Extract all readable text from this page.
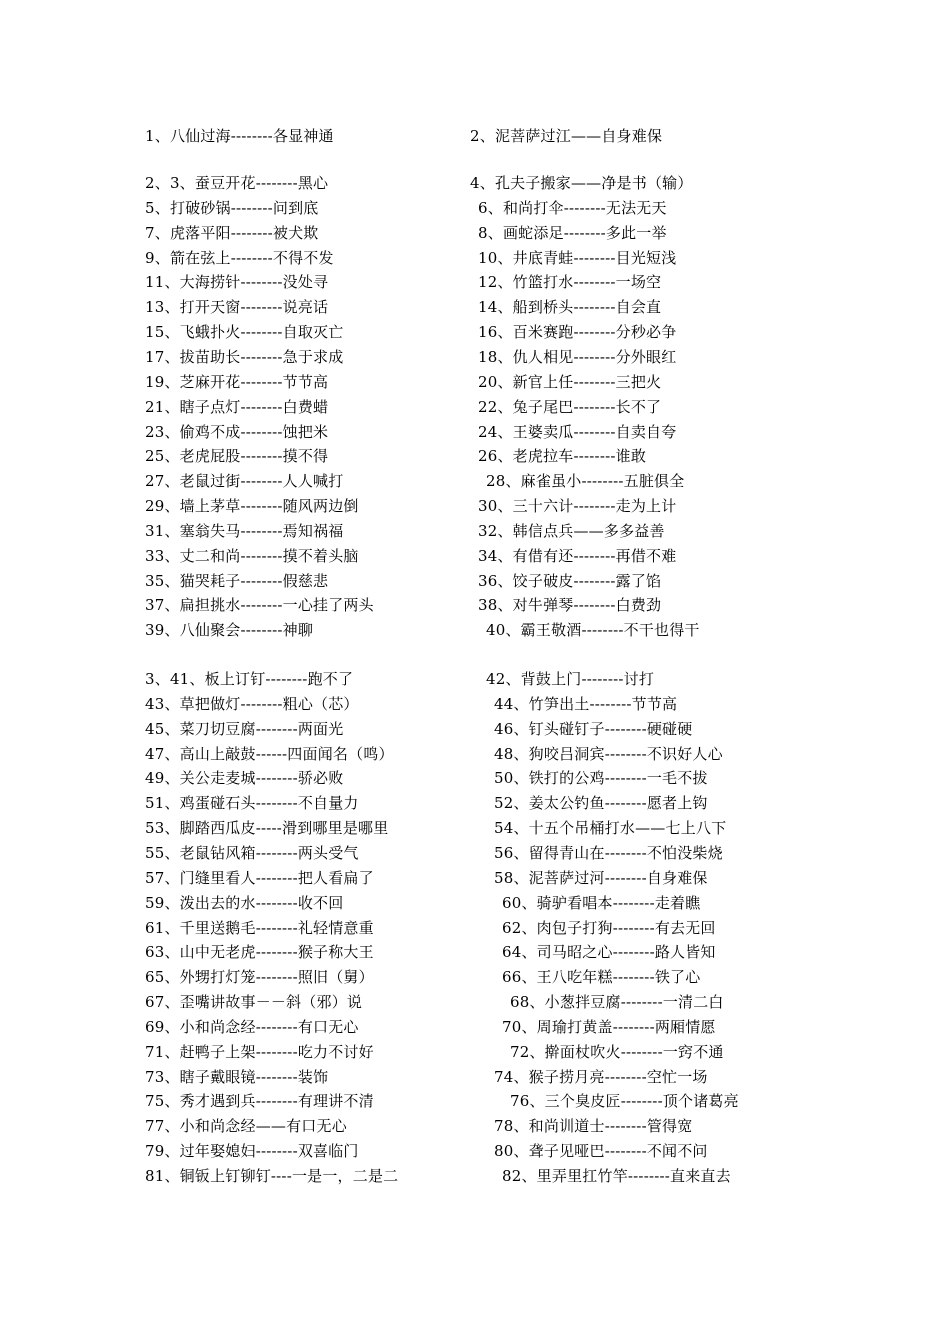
1、八仙过海--------各显神通
2、3、蚕豆开花--------黑心
5、打破砂锅--------问到底
7、虎落平阳--------被犬欺
9、箭在弦上--------不得不发
11、大海捞针--------没处寻
13、打开天窗--------说亮话
15、飞蛾扑火--------自取灭亡
17、拔苗助长--------急于求成
19、芝麻开花--------节节高
21、瞎子点灯--------白费蜡
23、偷鸡不成--------蚀把米
25、老虎屁股--------摸不得
27、老鼠过街--------人人喊打
29、墙上茅草--------随风两边倒
31、塞翁失马--------焉知祸福
33、丈二和尚--------摸不着头脑
35、猫哭耗子--------假慈悲
37、扁担挑水--------一心挂了两头
39、八仙聚会--------神聊
3、41、板上订钉--------跑不了
43、草把做灯--------粗心（芯）
45、菜刀切豆腐--------两面光
47、高山上敲鼓------四面闻名（鸣）
49、关公走麦城--------骄必败
51、鸡蛋碰石头--------不自量力
53、脚踏西瓜皮-----滑到哪里是哪里
55、老鼠钻风箱--------两头受气
57、门缝里看人--------把人看扁了
59、泼出去的水--------收不回
61、千里送鹅毛--------礼轻情意重
63、山中无老虎--------猴子称大王
65、外甥打灯笼--------照旧（舅）
67、歪嘴讲故事－－斜（邪）说
69、小和尚念经--------有口无心
71、赶鸭子上架--------吃力不讨好
73、瞎子戴眼镜--------装饰
75、秀才遇到兵--------有理讲不清
77、小和尚念经——有口无心
79、过年娶媳妇--------双喜临门
81、铜钣上钉铆钉----一是一，二是二
2、泥菩萨过江——自身难保
4、孔夫子搬家——净是书（输）
6、和尚打伞--------无法无天
8、画蛇添足--------多此一举
10、井底青蛙--------目光短浅
12、竹篮打水--------一场空
14、船到桥头--------自会直
16、百米赛跑--------分秒必争
18、仇人相见--------分外眼红
20、新官上任--------三把火
22、兔子尾巴--------长不了
24、王婆卖瓜--------自卖自夸
26、老虎拉车--------谁敢
28、麻雀虽小--------五脏俱全
30、三十六计--------走为上计
32、韩信点兵——多多益善
34、有借有还--------再借不难
36、饺子破皮--------露了馅
38、对牛弹琴--------白费劲
40、霸王敬酒--------不干也得干
42、背鼓上门--------讨打
44、竹笋出土--------节节高
46、钉头碰钉子--------硬碰硬
48、狗咬吕洞宾--------不识好人心
50、铁打的公鸡--------一毛不拔
52、姜太公钓鱼--------愿者上钩
54、十五个吊桶打水——七上八下
56、留得青山在--------不怕没柴烧
58、泥菩萨过河--------自身难保
60、骑驴看唱本--------走着瞧
62、肉包子打狗--------有去无回
64、司马昭之心--------路人皆知
66、王八吃年糕--------铁了心
68、小葱拌豆腐--------一清二白
70、周瑜打黄盖--------两厢情愿
72、擀面杖吹火--------一窍不通
74、猴子捞月亮--------空忙一场
76、三个臭皮匠--------顶个诸葛亮
78、和尚训道士--------管得宽
80、聋子见哑巴--------不闻不问
82、里弄里扛竹竿--------直来直去
